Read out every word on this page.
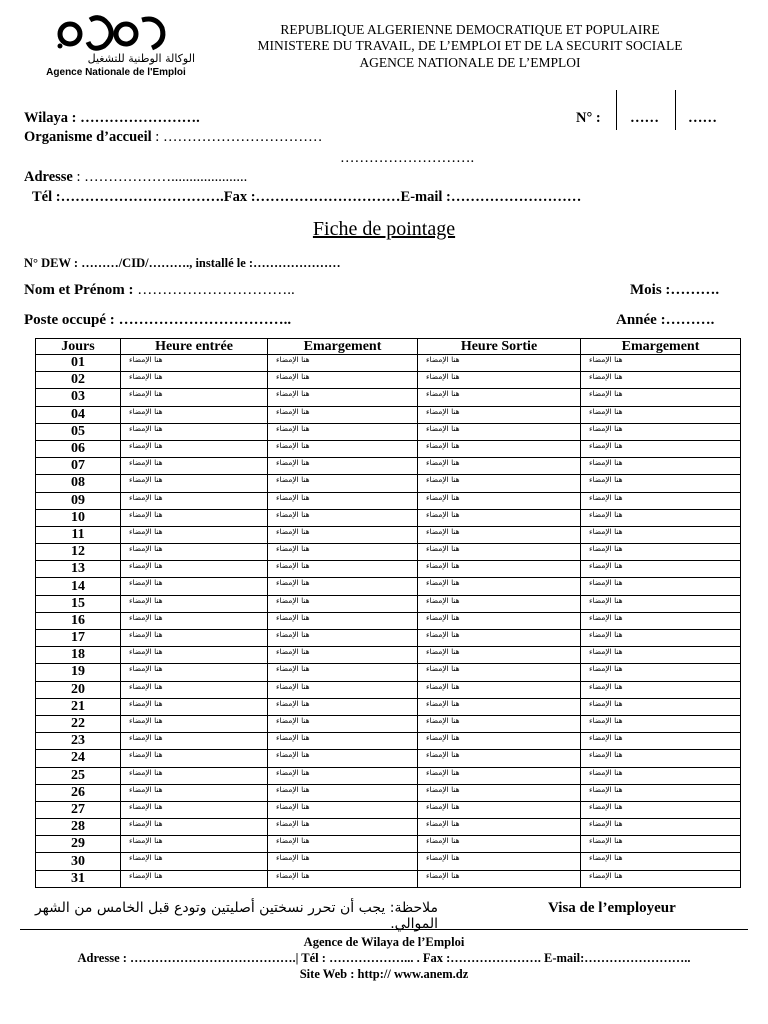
الوكالة الوطنية للتشغيل
Agence Nationale de l'Emploi
REPUBLIQUE ALGERIENNE DEMOCRATIQUE ET POPULAIRE
MINISTERE DU TRAVAIL, DE L’EMPLOI ET DE LA SECURIT SOCIALE
AGENCE NATIONALE DE L’EMPLOI
Wilaya : …………………….	N° : …… ……
Organisme d’accueil : ……………………………
……………………….
Adresse : ……………….....................
Tél :…………………………….Fax :…………………………E-mail :………………………
Fiche de pointage
N° DEW : ………/CID/………., installé le :…………………
Nom et Prénom : …………………………..	Mois :……….
Poste occupé : ……………………………..	Année :……….
Jours	Heure entrée	Emargement	Heure Sortie	Emargement
01	هنا الإمضاء	هنا الإمضاء	هنا الإمضاء	هنا الإمضاء
02	هنا الإمضاء	هنا الإمضاء	هنا الإمضاء	هنا الإمضاء
03	هنا الإمضاء	هنا الإمضاء	هنا الإمضاء	هنا الإمضاء
04	هنا الإمضاء	هنا الإمضاء	هنا الإمضاء	هنا الإمضاء
05	هنا الإمضاء	هنا الإمضاء	هنا الإمضاء	هنا الإمضاء
06	هنا الإمضاء	هنا الإمضاء	هنا الإمضاء	هنا الإمضاء
07	هنا الإمضاء	هنا الإمضاء	هنا الإمضاء	هنا الإمضاء
08	هنا الإمضاء	هنا الإمضاء	هنا الإمضاء	هنا الإمضاء
09	هنا الإمضاء	هنا الإمضاء	هنا الإمضاء	هنا الإمضاء
10	هنا الإمضاء	هنا الإمضاء	هنا الإمضاء	هنا الإمضاء
11	هنا الإمضاء	هنا الإمضاء	هنا الإمضاء	هنا الإمضاء
12	هنا الإمضاء	هنا الإمضاء	هنا الإمضاء	هنا الإمضاء
13	هنا الإمضاء	هنا الإمضاء	هنا الإمضاء	هنا الإمضاء
14	هنا الإمضاء	هنا الإمضاء	هنا الإمضاء	هنا الإمضاء
15	هنا الإمضاء	هنا الإمضاء	هنا الإمضاء	هنا الإمضاء
16	هنا الإمضاء	هنا الإمضاء	هنا الإمضاء	هنا الإمضاء
17	هنا الإمضاء	هنا الإمضاء	هنا الإمضاء	هنا الإمضاء
18	هنا الإمضاء	هنا الإمضاء	هنا الإمضاء	هنا الإمضاء
19	هنا الإمضاء	هنا الإمضاء	هنا الإمضاء	هنا الإمضاء
20	هنا الإمضاء	هنا الإمضاء	هنا الإمضاء	هنا الإمضاء
21	هنا الإمضاء	هنا الإمضاء	هنا الإمضاء	هنا الإمضاء
22	هنا الإمضاء	هنا الإمضاء	هنا الإمضاء	هنا الإمضاء
23	هنا الإمضاء	هنا الإمضاء	هنا الإمضاء	هنا الإمضاء
24	هنا الإمضاء	هنا الإمضاء	هنا الإمضاء	هنا الإمضاء
25	هنا الإمضاء	هنا الإمضاء	هنا الإمضاء	هنا الإمضاء
26	هنا الإمضاء	هنا الإمضاء	هنا الإمضاء	هنا الإمضاء
27	هنا الإمضاء	هنا الإمضاء	هنا الإمضاء	هنا الإمضاء
28	هنا الإمضاء	هنا الإمضاء	هنا الإمضاء	هنا الإمضاء
29	هنا الإمضاء	هنا الإمضاء	هنا الإمضاء	هنا الإمضاء
30	هنا الإمضاء	هنا الإمضاء	هنا الإمضاء	هنا الإمضاء
31	هنا الإمضاء	هنا الإمضاء	هنا الإمضاء	هنا الإمضاء
ملاحظة: يجب أن تحرر نسختين أصليتين وتودع قبل الخامس من الشهر الموالي.
Visa de l’employeur
Agence de Wilaya de l’Emploi
Adresse : ………………………………….| Tél : ………………... . Fax :…………………. E-mail:……………………..
Site Web : http:// www.anem.dz
